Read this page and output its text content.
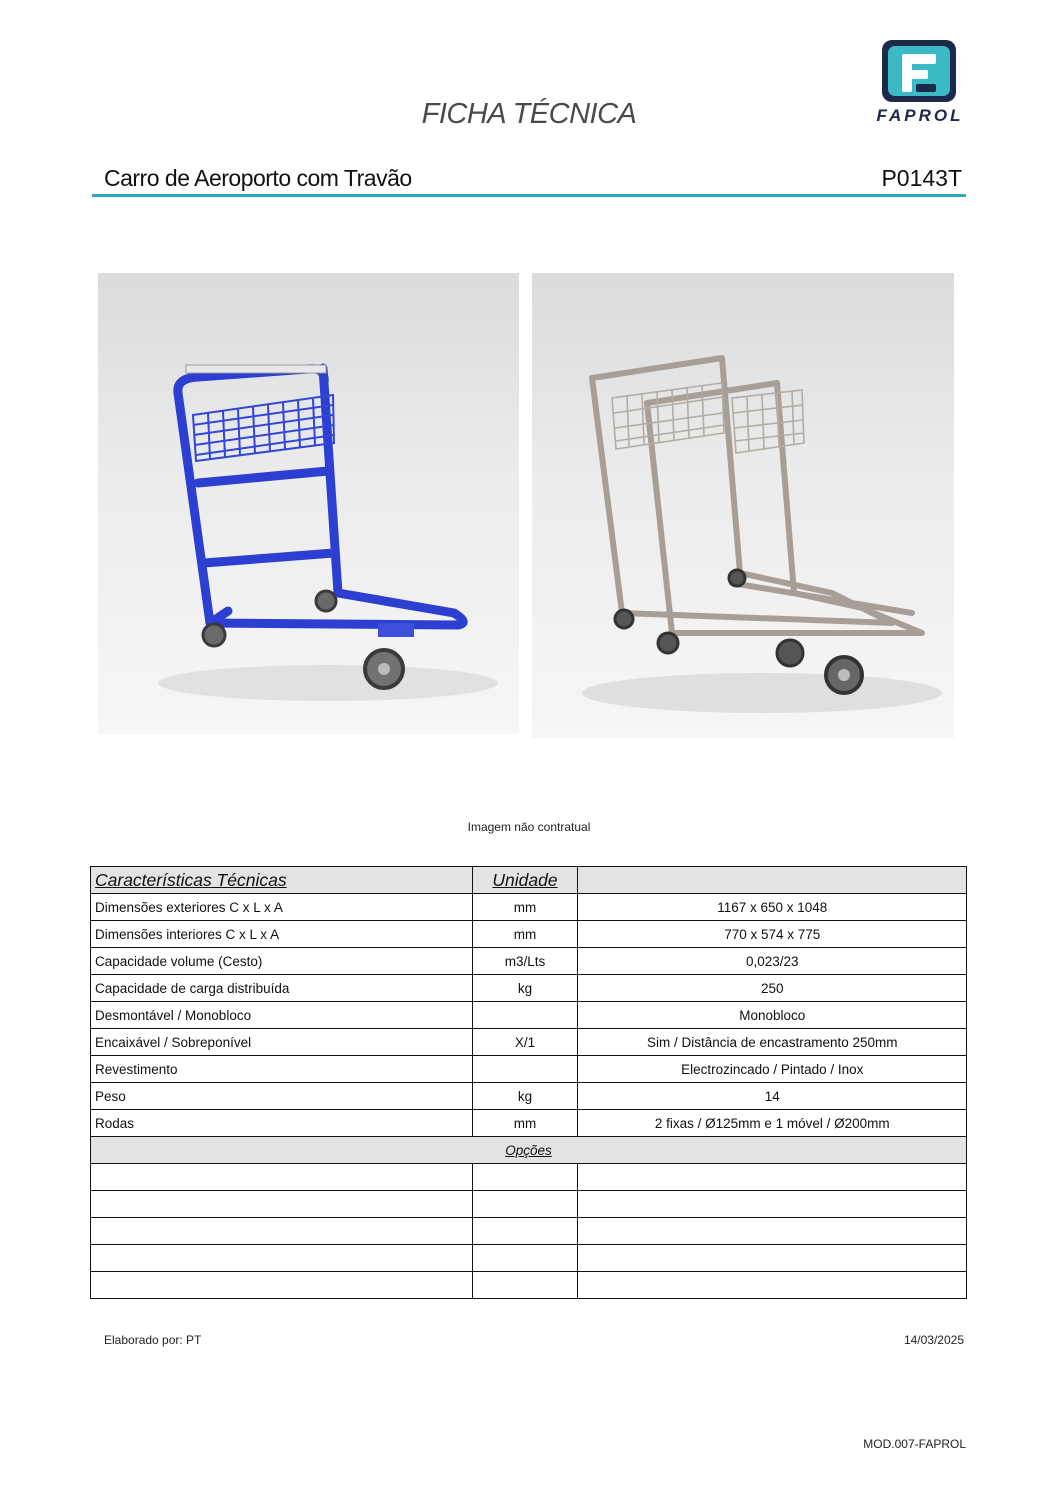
FICHA TÉCNICA	FAPROL
Carro de Aeroporto com Travão	P0143T
Imagem não contratual
Características Técnicas	Unidade	
Dimensões exteriores C x L x A	mm	1167 x 650 x 1048
Dimensões interiores C x L x A	mm	770 x 574 x 775
Capacidade volume (Cesto)	m3/Lts	0,023/23
Capacidade de carga distribuída	kg	250
Desmontável / Monobloco		Monobloco
Encaixável / Sobreponível	X/1	Sim / Distância de encastramento 250mm
Revestimento		Electrozincado / Pintado / Inox
Peso	kg	14
Rodas	mm	2 fixas / Ø125mm e 1 móvel / Ø200mm
Opções		

Elaborado por: PT	14/03/2025
MOD.007-FAPROL
